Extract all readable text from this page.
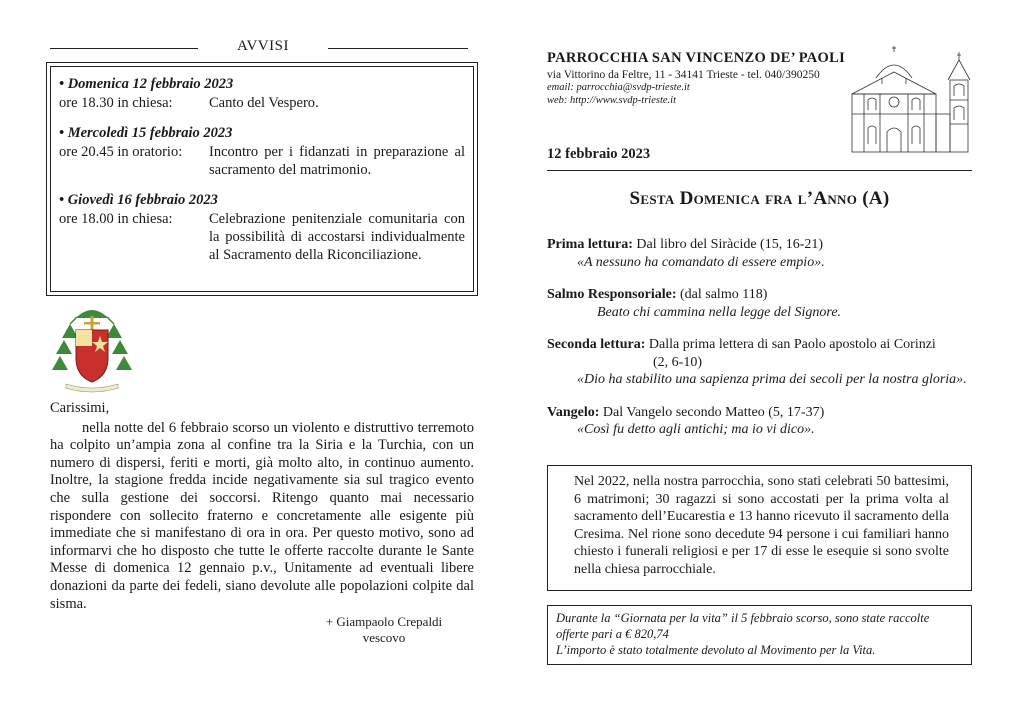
AVVISI
• Domenica 12 febbraio 2023
ore 18.30 in chiesa:	Canto del Vespero.
• Mercoledì 15 febbraio 2023
ore 20.45 in oratorio:	Incontro per i fidanzati in preparazione al sacramento del matrimonio.
• Giovedì 16 febbraio 2023
ore 18.00 in chiesa:	Celebrazione penitenziale comunitaria con la possibilità di accostarsi individualmente al Sacramento della Riconciliazione.
Carissimi,
nella notte del 6 febbraio scorso un violento e distruttivo terremoto ha colpito un’ampia zona al confine tra la Siria e la Turchia, con un numero di dispersi, feriti e morti, già molto alto, in continuo aumento. Inoltre, la stagione fredda incide negativamente sia sul tragico evento che sulla gestione dei soccorsi. Ritengo quanto mai necessario rispondere con sollecito fraterno e concretamente alle esigente più immediate che si manifestano di ora in ora. Per questo motivo, sono ad informarvi che ho disposto che tutte le offerte raccolte durante le Sante Messe di domenica 12 gennaio p.v., Unitamente ad eventuali libere donazioni da parte dei fedeli, siano devolute alle popolazioni colpite dal sisma.
+ Giampaolo Crepaldi
vescovo
PARROCCHIA SAN VINCENZO DE’ PAOLI
via Vittorino da Feltre, 11 - 34141 Trieste - tel. 040/390250
email: parrocchia@svdp-trieste.it
web: http://www.svdp-trieste.it
12 febbraio 2023
Sesta Domenica fra l’Anno (A)
Prima lettura: Dal libro del Siràcide (15, 16-21)
«A nessuno ha comandato di essere empio».
Salmo Responsoriale: (dal salmo 118)
Beato chi cammina nella legge del Signore.
Seconda lettura: Dalla prima lettera di san Paolo apostolo ai Corinzi
(2, 6-10)
«Dio ha stabilito una sapienza prima dei secoli per la nostra gloria».
Vangelo: Dal Vangelo secondo Matteo (5, 17-37)
«Così fu detto agli antichi; ma io vi dico».
Nel 2022, nella nostra parrocchia, sono stati celebrati 50 battesimi, 6 matrimoni; 30 ragazzi si sono accostati per la prima volta al sacramento dell’Eucarestia e 13 hanno ricevuto il sacramento della Cresima. Nel rione sono decedute 94 persone i cui familiari hanno chiesto i funerali religiosi e per 17 di esse le esequie si sono svolte nella chiesa parrocchiale.
Durante la “Giornata per la vita” il 5 febbraio scorso, sono state raccolte offerte pari a € 820,74
L’importo è stato totalmente devoluto al Movimento per la Vita.
